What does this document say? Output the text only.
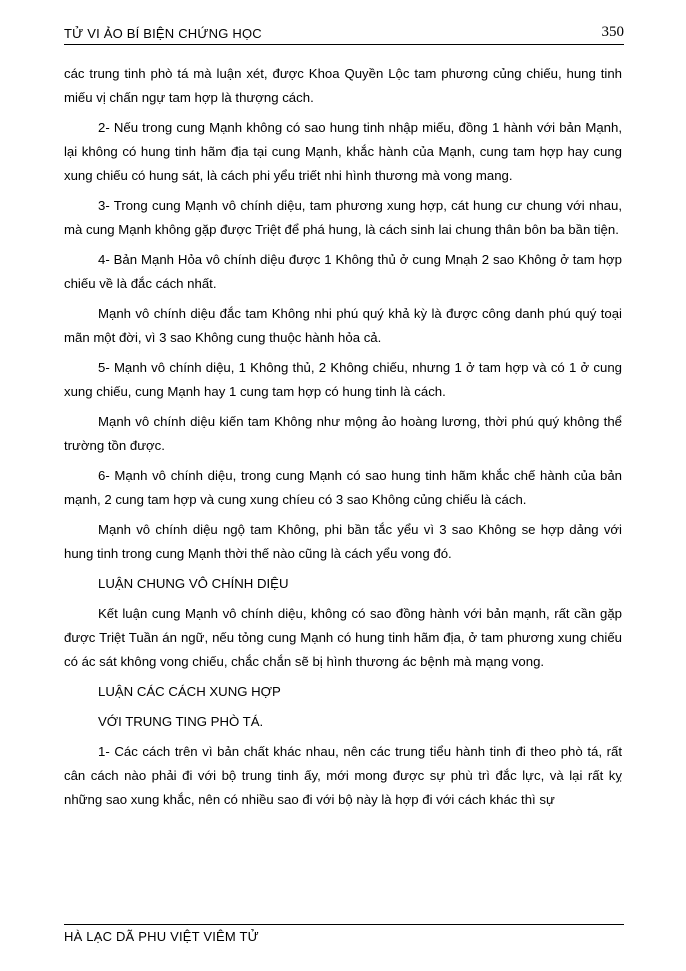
TỬ VI ẢO BÍ BIỆN CHỨNG HỌC	350

các trung tinh phò tá mà luận xét, được Khoa Quyền Lộc tam phương củng chiếu, hung tinh miếu vị chấn ngự tam hợp là thượng cách.

2- Nếu trong cung Mạnh không có sao hung tinh nhập miếu, đồng 1 hành với bản Mạnh, lại không có hung tinh hãm địa tại cung Mạnh, khắc hành của Mạnh, cung tam hợp hay cung xung chiếu có hung sát, là cách phi yểu triết nhi hình thương mà vong mang.

3- Trong cung Mạnh vô chính diệu, tam phương xung hợp, cát hung cư chung với nhau, mà cung Mạnh không gặp được Triệt để phá hung, là cách sinh lai chung thân bôn ba bần tiện.

4- Bản Mạnh Hỏa vô chính diệu được 1 Không thủ ở cung Mnạh 2 sao Không ở tam hợp chiếu về là đắc cách nhất.

Mạnh vô chính diệu đắc tam Không nhi phú quý khả kỳ là được công danh phú quý toại mãn một đời, vì 3 sao Không cung thuộc hành hỏa cả.

5- Mạnh vô chính diệu, 1 Không thủ, 2 Không chiếu, nhưng 1 ở tam hợp và có 1 ở cung xung chiếu, cung Mạnh hay 1 cung tam hợp có hung tinh là cách.

Mạnh vô chính diệu kiến tam Không như mộng ảo hoàng lương, thời phú quý không thể trường tồn được.

6- Mạnh vô chính diệu, trong cung Mạnh có sao hung tinh hãm khắc chế hành của bản mạnh, 2 cung tam hợp và cung xung chíeu có 3 sao Không củng chiếu là cách.

Mạnh vô chính diệu ngộ tam Không, phi bần tắc yểu vì 3 sao Không se hợp dảng với hung tinh trong cung Mạnh thời thế nào cũng là cách yểu vong đó.

LUẬN CHUNG VÔ CHÍNH DIỆU

Kết luận cung Mạnh vô chính diệu, không có sao đồng hành với bản mạnh, rất cần gặp được Triệt Tuần án ngữ, nếu tỏng cung Mạnh có hung tinh hãm địa, ở tam phương xung chiếu có ác sát không vong chiếu, chắc chắn sẽ bị hình thương ác bệnh mà mạng vong.

LUẬN CÁC CÁCH XUNG HỢP

VỚI TRUNG TING PHÒ TÁ.

1- Các cách trên vì bản chất khác nhau, nên các trung tiểu hành tinh đi theo phò tá, rất cân cách nào phải đi với bộ trung tinh ấy, mới mong được sự phù trì đắc lực, và lại rất kỵ những sao xung khắc, nên có nhiều sao đi với bộ này là hợp đi với cách khác thì sự

HÀ LẠC DÃ PHU VIỆT VIÊM TỬ
